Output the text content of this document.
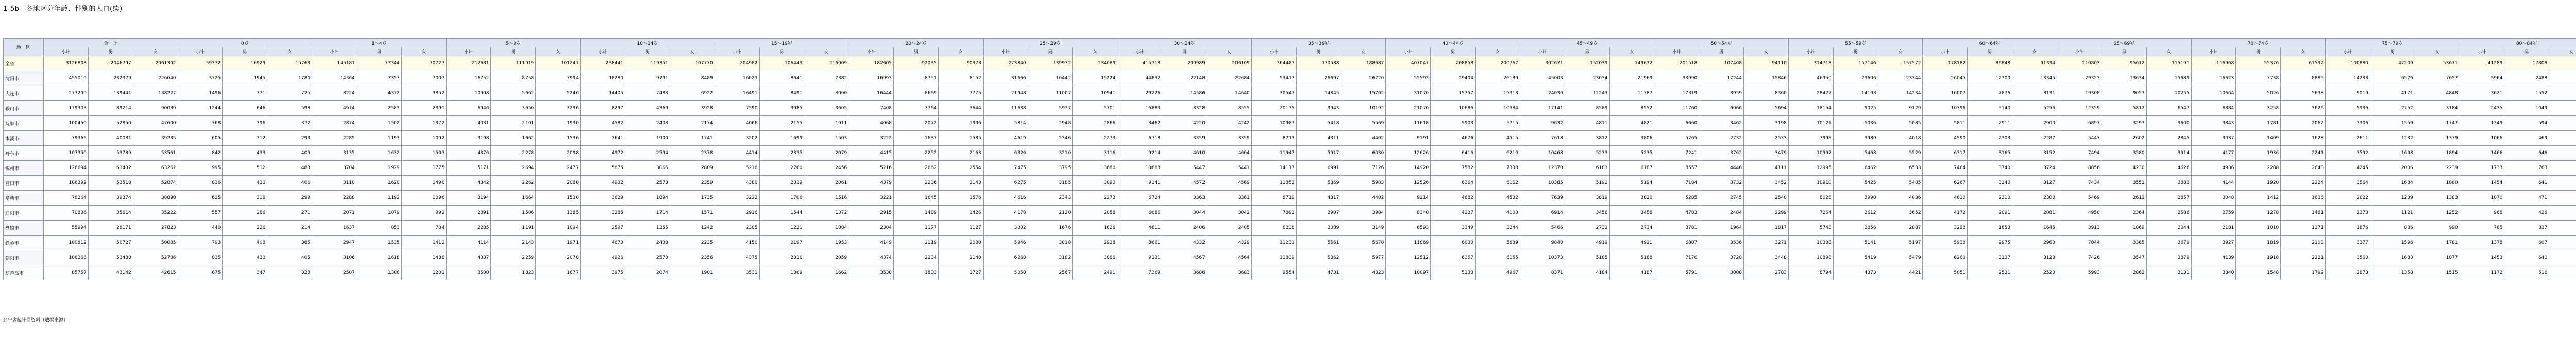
1-5b　各地区分年龄、性别的人口(续)
地　区	合　计	0岁	1～4岁	5～9岁	10～14岁	15～19岁	20～24岁	25～29岁	30～34岁	35～39岁	40～44岁	45～49岁	50～54岁	55～59岁	60～64岁	65～69岁	70～74岁	75～79岁	80～84岁				
小计	男	女	小计	男	女	小计	男	女	小计	男	女	小计	男	女	小计	男	女	小计	男	女	小计	男	女	小计	男	女	小计	男	女	小计	男	女	小计	男	女	小计	男	女	小计	男	女	小计	男	女	小计	男	女	小计	男	女	小计	男	女	小计	男	女												
全省	3126808	2046797	2061302	59372	16929	15763	145181	77344	70727	212681	111919	101247	238441	119351	107770	204982	106443	116009	182605	92035	90378	273840	139972	134089	415318	209989	206109	364487	170588	188687	407047	208858	200767	302671	152039	149632	201518	107408	94110	314718	157146	157572	178182	86848	91334	210803	95612	115191	116968	55376	61592	100880	47209	53671	41289	17808													
沈阳市	455019	232379	226640	3725	1945	1780	14364	7357	7007	16752	8758	7994	18280	9791	8489	16023	8641	7382	16993	8751	8152	31666	16442	15224	44832	22148	22684	53417	26697	26720	55593	29404	26189	45003	23034	21969	33090	17244	15846	46950	23606	23344	26045	12700	13345	29323	13634	15689	16623	7738	8885	14233	6576	7657	5964	2488													
大连市	277290	139441	138227	1496	771	725	8224	4372	3852	10908	5662	5246	14405	7483	6922	16491	8491	8000	16444	8669	7775	21948	11007	10941	29226	14586	14640	30547	14845	15702	31070	15757	15313	24030	12243	11787	17319	8959	8360	28427	14193	14234	16007	7876	8131	19308	9053	10255	10664	5026	5638	9019	4171	4848	3621	1552													
鞍山市	179303	89214	90089	1244	646	598	4974	2583	2391	6946	3650	3296	8297	4369	3928	7590	3985	3605	7408	3764	3644	11638	5937	5701	16883	8328	8555	20135	9943	10192	21070	10686	10384	17141	8589	8552	11760	6066	5694	18154	9025	9129	10396	5140	5256	12359	5812	6547	6884	3258	3626	5936	2752	3184	2435	1049													
抚顺市	100450	52850	47600	768	396	372	2874	1502	1372	4031	2101	1930	4582	2408	2174	4066	2155	1911	4068	2072	1996	5814	2948	2866	8462	4220	4242	10987	5418	5569	11618	5903	5715	9632	4811	4821	6660	3462	3198	10121	5036	5085	5811	2911	2900	6897	3297	3600	3843	1781	2062	3306	1559	1747	1349	594													
本溪市	79366	40081	39285	605	312	293	2285	1193	1092	3198	1662	1536	3641	1900	1741	3202	1699	1503	3222	1637	1585	4619	2346	2273	6718	3359	3359	8713	4311	4402	9191	4676	4515	7618	3812	3806	5265	2732	2533	7998	3980	4018	4590	2303	2287	5447	2602	2845	3037	1409	1628	2611	1232	1379	1066	469													
丹东市	107350	53789	53561	842	433	409	3135	1632	1503	4376	2278	2098	4972	2594	2378	4414	2335	2079	4415	2252	2163	6326	3210	3116	9214	4610	4604	11947	5917	6030	12626	6416	6210	10468	5233	5235	7241	3762	3479	10997	5468	5529	6317	3165	3152	7494	3580	3914	4177	1936	2241	3592	1698	1894	1466	646													
锦州市	126694	63432	63262	995	512	483	3704	1929	1775	5171	2694	2477	5875	3066	2809	5216	2760	2456	5216	2662	2554	7475	3795	3680	10888	5447	5441	14117	6991	7126	14920	7582	7338	12370	6183	6187	8557	4446	4111	12995	6462	6533	7464	3740	3724	8856	4230	4626	4936	2288	2648	4245	2006	2239	1733	763													
营口市	106392	53518	52874	836	430	406	3110	1620	1490	4342	2262	2080	4932	2573	2359	4380	2319	2061	4379	2236	2143	6275	3185	3090	9141	4572	4569	11852	5869	5983	12526	6364	6162	10385	5191	5194	7184	3732	3452	10910	5425	5485	6267	3140	3127	7434	3551	3883	4144	1920	2224	3564	1684	1880	1454	641													
阜新市	78264	39374	38890	615	316	299	2288	1192	1096	3194	1664	1530	3629	1894	1735	3222	1706	1516	3221	1645	1576	4616	2343	2273	6724	3363	3361	8719	4317	4402	9214	4682	4532	7639	3819	3820	5285	2745	2540	8026	3990	4036	4610	2310	2300	5469	2612	2857	3048	1412	1636	2622	1239	1383	1070	471													
辽阳市	70836	35614	35222	557	286	271	2071	1079	992	2891	1506	1385	3285	1714	1571	2916	1544	1372	2915	1489	1426	4178	2120	2058	6086	3044	3042	7891	3907	3984	8340	4237	4103	6914	3456	3458	4783	2484	2299	7264	3612	3652	4172	2091	2081	4950	2364	2586	2759	1278	1481	2373	1121	1252	968	426													
盘锦市	55994	28171	27823	440	226	214	1637	853	784	2285	1191	1094	2597	1355	1242	2305	1221	1084	2304	1177	1127	3302	1676	1626	4811	2406	2405	6238	3089	3149	6593	3349	3244	5466	2732	2734	3781	1964	1817	5743	2856	2887	3298	1653	1645	3913	1869	2044	2181	1010	1171	1876	886	990	765	337													
铁岭市	100812	50727	50085	793	408	385	2947	1535	1412	4114	2143	1971	4673	2438	2235	4150	2197	1953	4149	2119	2030	5946	3018	2928	8661	4332	4329	11231	5561	5670	11869	6030	5839	9840	4919	4921	6807	3536	3271	10338	5141	5197	5938	2975	2963	7044	3365	3679	3927	1819	2108	3377	1596	1781	1378	607													
朝阳市	106266	53480	52786	835	430	405	3106	1618	1488	4337	2259	2078	4926	2570	2356	4375	2316	2059	4374	2234	2140	6268	3182	3086	9131	4567	4564	11839	5862	5977	12512	6357	6155	10373	5185	5188	7176	3728	3448	10898	5419	5479	6260	3137	3123	7426	3547	3879	4139	1918	2221	3560	1683	1877	1453	640													
葫芦岛市	85757	43142	42615	675	347	328	2507	1306	1201	3500	1823	1677	3975	2074	1901	3531	1869	1662	3530	1803	1727	5058	2567	2491	7369	3686	3683	9554	4731	4823	10097	5130	4967	8371	4184	4187	5791	3008	2783	8794	4373	4421	5051	2531	2520	5993	2862	3131	3340	1548	1792	2873	1358	1515	1172	516													
辽宁省统计局资料（数据来源）
